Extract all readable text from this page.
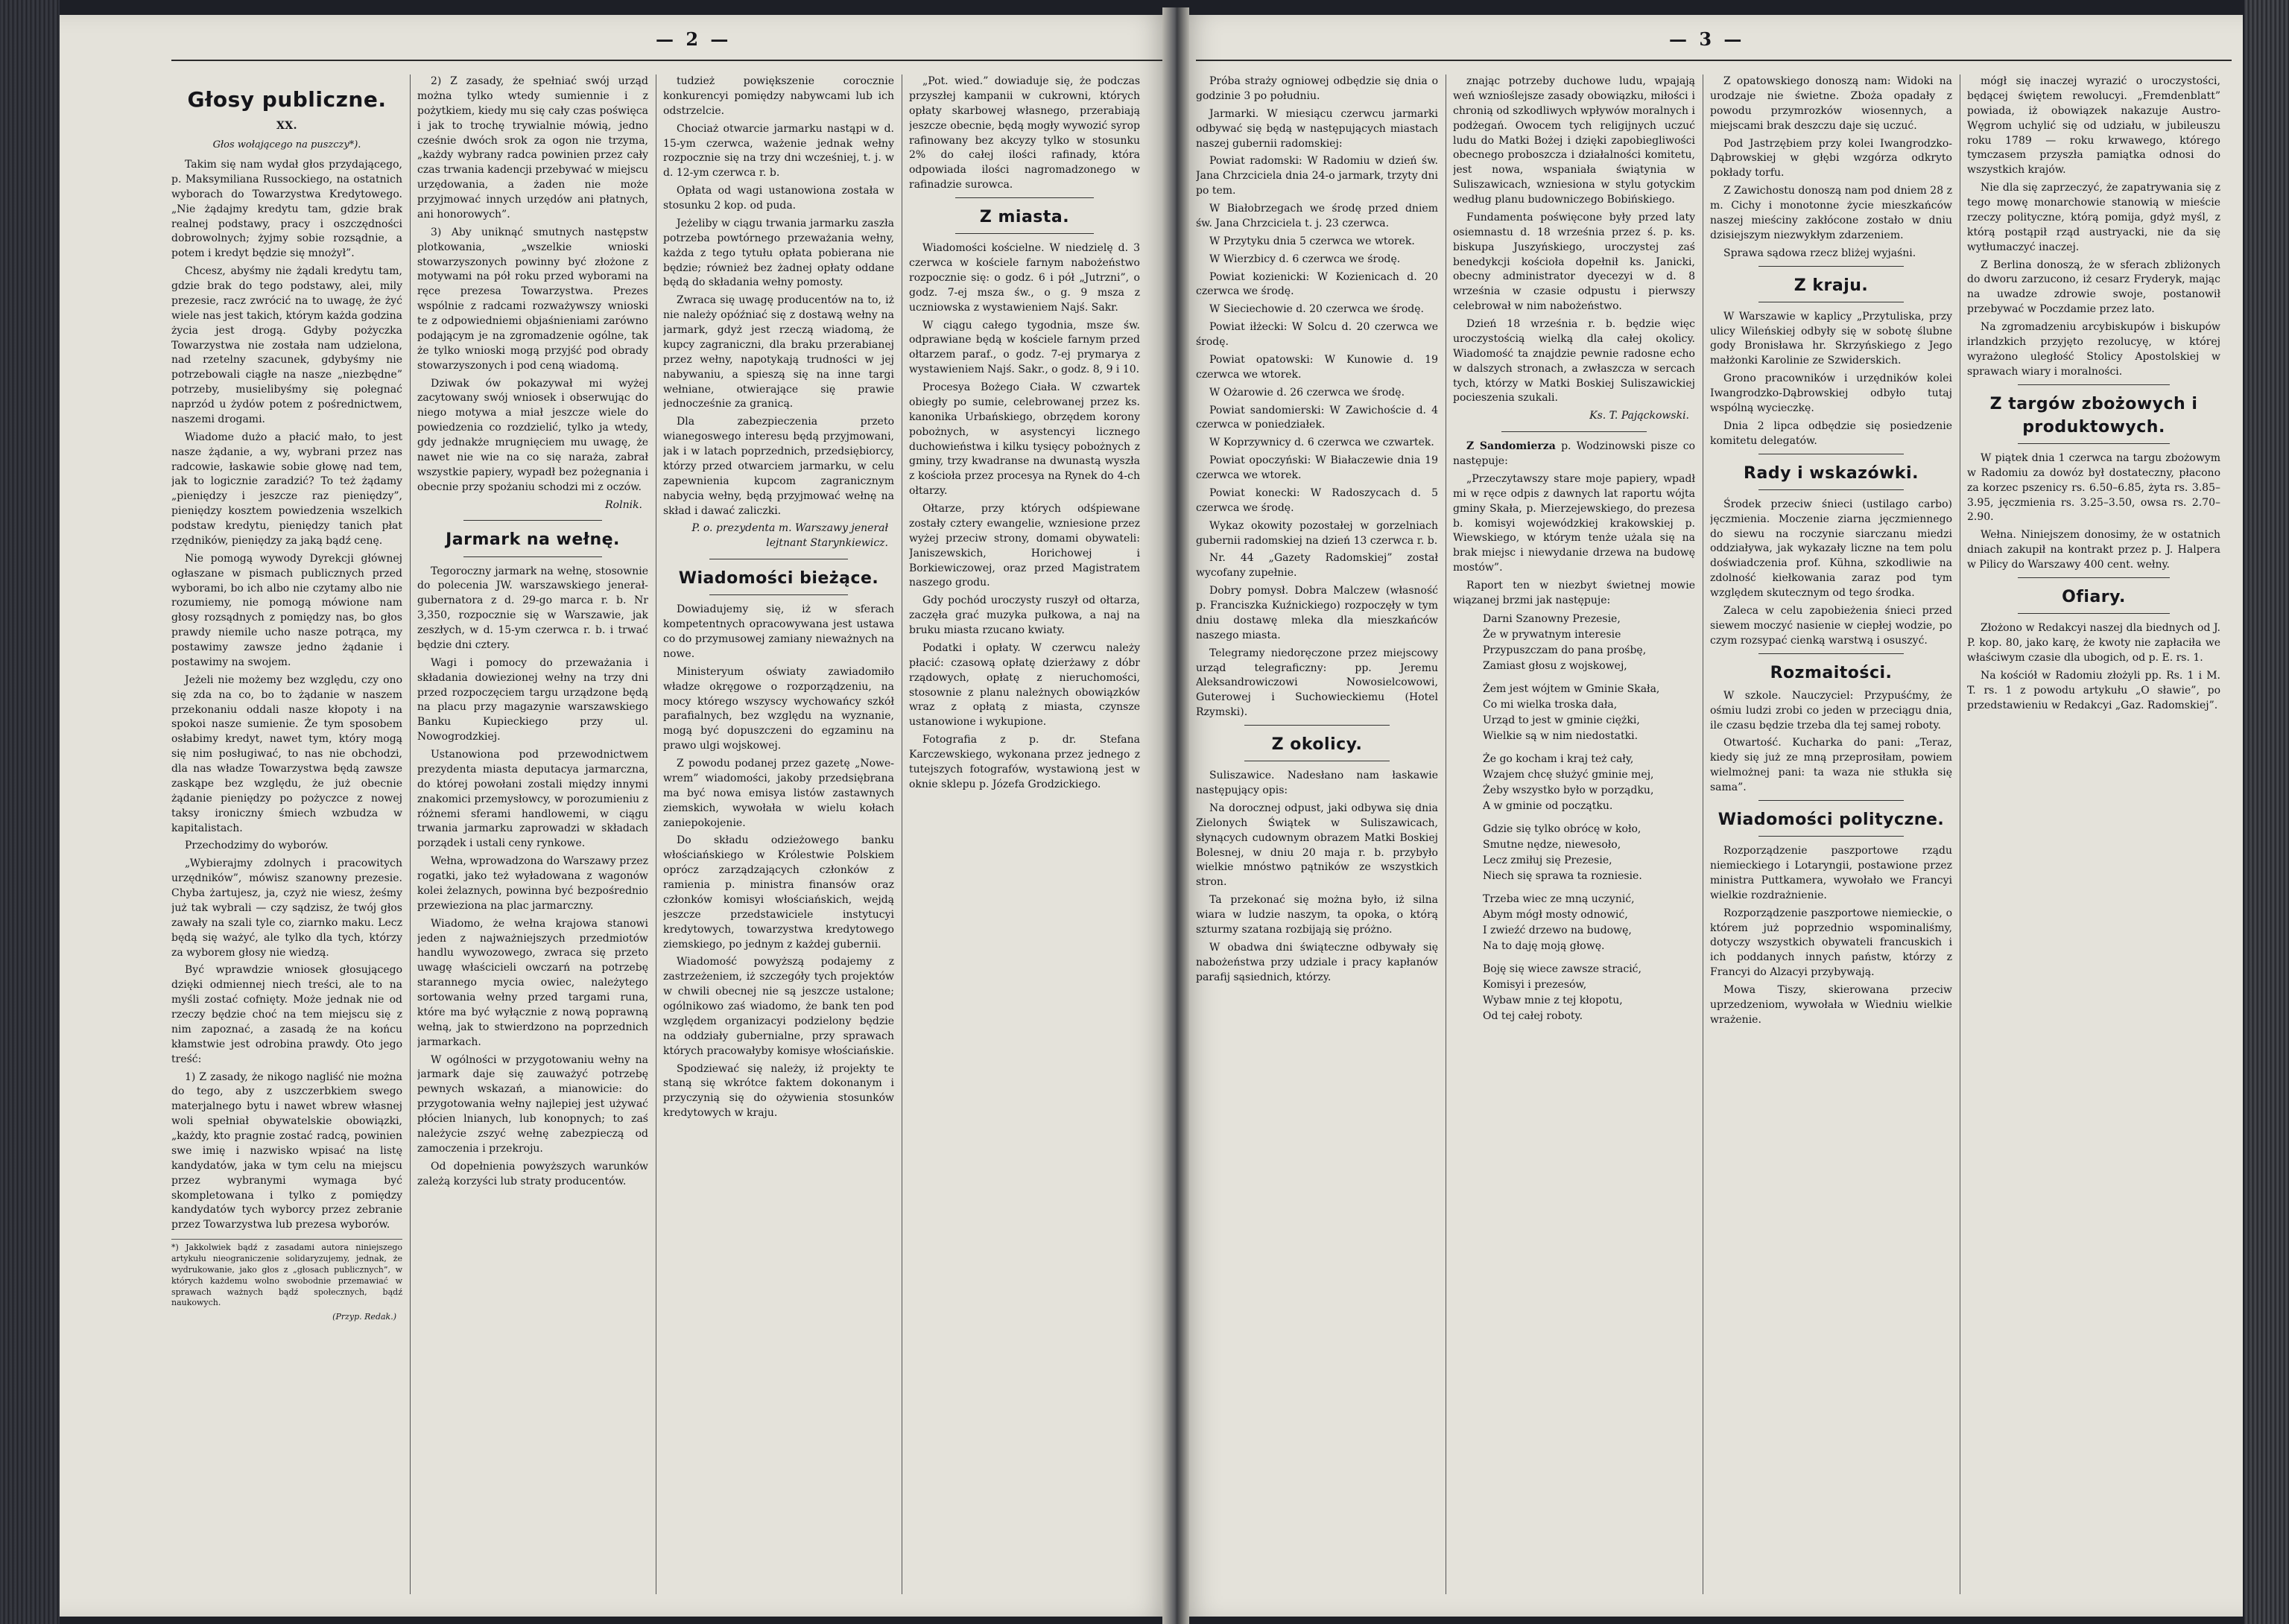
— 2 —
Głosy publiczne.
XX.
Głos wołającego na puszczy*).

Takim się nam wydał głos przydającego, p. Maksymiliana Russockiego, na ostatnich wyborach do Towarzystwa Kredytowego. „Nie żądajmy kredytu tam, gdzie brak realnej podstawy, pracy i oszczędności dobrowolnych; żyjmy sobie rozsądnie, a potem i kredyt będzie się mnożył”.

Chcesz, abyśmy nie żądali kredytu tam, gdzie brak do tego podstawy, alei, mily prezesie, racz zwrócić na to uwagę, że żyć wiele nas jest takich, którym każda godzina życia jest drogą. Gdyby pożyczka Towarzystwa nie została nam udzielona, nad rzetelny szacunek, gdybyśmy nie potrzebowali ciągłe na nasze „niezbędne” potrzeby, musielibyśmy się połegnać naprzód u żydów potem z pośrednictwem, naszemi drogami.

Wiadome dużo a płacić mało, to jest nasze żądanie, a wy, wybrani przez nas radcowie, łaskawie sobie głowę nad tem, jak to logicznie zaradzić? To też żądamy „pieniędzy i jeszcze raz pieniędzy”, pieniędzy kosztem powiedzenia wszelkich podstaw kredytu, pieniędzy tanich płat rzędników, pieniędzy za jaką bądź cenę.

Nie pomogą wywody Dyrekcji głównej ogłaszane w pismach publicznych przed wyborami, bo ich albo nie czytamy albo nie rozumiemy, nie pomogą mówione nam głosy rozsądnych z pomiędzy nas, bo głos prawdy niemile ucho nasze potrąca, my postawimy zawsze jedno żądanie i postawimy na swojem.

Jeżeli nie możemy bez względu, czy ono się zda na co, bo to żądanie w naszem przekonaniu oddali nasze kłopoty i na spokoi nasze sumienie. Że tym sposobem osłabimy kredyt, nawet tym, który mogą się nim posługiwać, to nas nie obchodzi, dla nas władze Towarzystwa będą zawsze zaskąpe bez względu, że już obecnie żądanie pieniędzy po pożyczce z nowej taksy ironiczny śmiech wzbudza w kapitalistach.

Przechodzimy do wyborów.

„Wybierajmy zdolnych i pracowitych urzędników”, mówisz szanowny prezesie. Chyba żartujesz, ja, czyż nie wiesz, żeśmy już tak wybrali — czy sądzisz, że twój głos zawały na szali tyle co, ziarnko maku. Lecz będą się ważyć, ale tylko dla tych, którzy za wyborem głosy nie wiedzą.

Być wprawdzie wniosek głosującego dzięki odmiennej niech treści, ale to na myśli zostać cofnięty. Może jednak nie od rzeczy będzie choć na tem miejscu się z nim zapoznać, a zasadą że na końcu kłamstwie jest odrobina prawdy. Oto jego treść:

1) Z zasady, że nikogo nagliść nie można do tego, aby z uszczerbkiem swego materjalnego bytu i nawet wbrew własnej woli spełniał obywatelskie obowiązki, „każdy, kto pragnie zostać radcą, powinien swe imię i nazwisko wpisać na listę kandydatów, jaka w tym celu na miejscu przez wybranymi wymaga być skompletowana i tylko z pomiędzy kandydatów tych wyborcy przez zebranie przez Towarzystwa lub prezesa wyborów.

*) Jakkolwiek bądź z zasadami autora niniejszego artykułu nieograniczenie solidaryzujemy, jednak, że wydrukowanie, jako głos z „głosach publicznych”, w których każdemu wolno swobodnie przemawiać w sprawach ważnych bądź społecznych, bądź naukowych.
(Przyp. Redak.)

2) Z zasady, że spełniać swój urząd można tylko wtedy sumiennie i z pożytkiem, kiedy mu się cały czas poświęca i jak to trochę trywialnie mówią, jedno cześnie dwóch srok za ogon nie trzyma, „każdy wybrany radca powinien przez cały czas trwania kadencji przebywać w miejscu urzędowania, a żaden nie może przyjmować innych urzędów ani płatnych, ani honorowych”.

3) Aby uniknąć smutnych następstw plotkowania, „wszelkie wnioski stowarzyszonych powinny być złożone z motywami na pół roku przed wyborami na ręce prezesa Towarzystwa. Prezes wspólnie z radcami rozważywszy wnioski te z odpowiedniemi objaśnieniami zarówno podającym je na zgromadzenie ogólne, tak że tylko wnioski mogą przyjść pod obrady stowarzyszonych i pod ceną wiadomą.

Dziwak ów pokazywał mi wyżej zacytowany swój wniosek i obserwując do niego motywa a miał jeszcze wiele do powiedzenia co rozdzielić, tylko ja wtedy, gdy jednakże mrugnięciem mu uwagę, że nawet nie wie na co się naraża, zabrał wszystkie papiery, wypadł bez pożegnania i obecnie przy spożaniu schodzi mi z oczów.

Rolnik.
Jarmark na wełnę.

Tegoroczny jarmark na wełnę, stosownie do polecenia JW. warszawskiego jenerał-gubernatora z d. 29-go marca r. b. Nr 3,350, rozpocznie się w Warszawie, jak zeszłych, w d. 15-ym czerwca r. b. i trwać będzie dni cztery.

Wagi i pomocy do przeważania i składania dowiezionej wełny na trzy dni przed rozpoczęciem targu urządzone będą na placu przy magazynie warszawskiego Banku Kupieckiego przy ul. Nowogrodzkiej.

Ustanowiona pod przewodnictwem prezydenta miasta deputacya jarmarczna, do której powołani zostali między innymi znakomici przemysłowcy, w porozumieniu z różnemi sferami handlowemi, w ciągu trwania jarmarku zaprowadzi w składach porządek i ustali ceny rynkowe.

Wełna, wprowadzona do Warszawy przez rogatki, jako też wyładowana z wagonów kolei żelaznych, powinna być bezpośrednio przewieziona na plac jarmarczny.

Wiadomo, że wełna krajowa stanowi jeden z najważniejszych przedmiotów handlu wywozowego, zwraca się przeto uwagę właścicieli owczarń na potrzebę starannego mycia owiec, należytego sortowania wełny przed targami runa, które ma być wyłącznie z nową poprawną wełną, jak to stwierdzono na poprzednich jarmarkach.

W ogólności w przygotowaniu wełny na jarmark daje się zauważyć potrzebę pewnych wskazań, a mianowicie: do przygotowania wełny najlepiej jest używać płócien lnianych, lub konopnych; to zaś należycie zszyć wełnę zabezpieczą od zamoczenia i przekroju.

Od dopełnienia powyższych warunków zależą korzyści lub straty producentów.

tudzież powiększenie corocznie konkurencyi pomiędzy nabywcami lub ich odstrzelcie.

Chociaż otwarcie jarmarku nastąpi w d. 15-ym czerwca, ważenie jednak wełny rozpocznie się na trzy dni wcześniej, t. j. w d. 12-ym czerwca r. b.

Opłata od wagi ustanowiona została w stosunku 2 kop. od puda.

Jeżeliby w ciągu trwania jarmarku zaszła potrzeba powtórnego przeważania wełny, każda z tego tytułu opłata pobierana nie będzie; również bez żadnej opłaty oddane będą do składania wełny pomosty.

Zwraca się uwagę producentów na to, iż nie należy opóźniać się z dostawą wełny na jarmark, gdyż jest rzeczą wiadomą, że kupcy zagraniczni, dla braku przerabianej przez wełny, napotykają trudności w jej nabywaniu, a spieszą się na inne targi wełniane, otwierające się prawie jednocześnie za granicą.

Dla zabezpieczenia przeto wianegoswego interesu będą przyjmowani, jak i w latach poprzednich, przedsiębiorcy, którzy przed otwarciem jarmarku, w celu zapewnienia kupcom zagranicznym nabycia wełny, będą przyjmować wełnę na skład i dawać zaliczki.

P. o. prezydenta m. Warszawy jenerał lejtnant Starynkiewicz.
Wiadomości bieżące.

Dowiadujemy się, iż w sferach kompetentnych opracowywana jest ustawa co do przymusowej zamiany nieważnych na nowe.

Ministeryum oświaty zawiadomiło władze okręgowe o rozporządzeniu, na mocy którego wszyscy wychowańcy szkół parafialnych, bez względu na wyznanie, mogą być dopuszczeni do egzaminu na prawo ulgi wojskowej.

Z powodu podanej przez gazetę „Nowe-wrem” wiadomości, jakoby przedsiębrana ma być nowa emisya listów zastawnych ziemskich, wywołała w wielu kołach zaniepokojenie.

Do składu odzieżowego banku włościańskiego w Królestwie Polskiem oprócz zarządzających członków z ramienia p. ministra finansów oraz członków komisyi włościańskich, wejdą jeszcze przedstawiciele instytucyi kredytowych, towarzystwa kredytowego ziemskiego, po jednym z każdej gubernii.

Wiadomość powyższą podajemy z zastrzeżeniem, iż szczegóły tych projektów w chwili obecnej nie są jeszcze ustalone; ogólnikowo zaś wiadomo, że bank ten pod względem organizacyi podzielony będzie na oddziały gubernialne, przy sprawach których pracowałyby komisye włościańskie.

Spodziewać się należy, iż projekty te staną się wkrótce faktem dokonanym i przyczynią się do ożywienia stosunków kredytowych w kraju.

„Pot. wied.” dowiaduje się, że podczas przyszłej kampanii w cukrowni, których opłaty skarbowej własnego, przerabiają jeszcze obecnie, będą mogły wywozić syrop rafinowany bez akcyzy tylko w stosunku 2% do całej ilości rafinady, która odpowiada ilości nagromadzonego w rafinadzie surowca.

Z miasta.

Wiadomości kościelne. W niedzielę d. 3 czerwca w kościele farnym nabożeństwo rozpocznie się: o godz. 6 i pół „Jutrzni”, o godz. 7-ej msza św., o g. 9 msza z uczniowska z wystawieniem Najś. Sakr.

W ciągu całego tygodnia, msze św. odprawiane będą w kościele farnym przed ołtarzem paraf., o godz. 7-ej prymarya z wystawieniem Najś. Sakr., o godz. 8, 9 i 10.

Procesya Bożego Ciała. W czwartek obiegły po sumie, celebrowanej przez ks. kanonika Urbańskiego, obrzędem korony pobożnych, w asystencyi licznego duchowieństwa i kilku tysięcy pobożnych z gminy, trzy kwadranse na dwunastą wyszła z kościoła przez procesya na Rynek do 4-ch ołtarzy.

Ołtarze, przy których odśpiewane zostały cztery ewangelie, wzniesione przez wyżej przeciw strony, domami obywateli: Janiszewskich, Horichowej i Borkiewiczowej, oraz przed Magistratem naszego grodu.

Gdy pochód uroczysty ruszył od ołtarza, zaczęła grać muzyka pułkowa, a naj na bruku miasta rzucano kwiaty.

Podatki i opłaty. W czerwcu należy płacić: czasową opłatę dzierżawy z dóbr rządowych, opłatę z nieruchomości, stosownie z planu należnych obowiązków wraz z opłatą z miasta, czynsze ustanowione i wykupione.

Fotografia z p. dr. Stefana Karczewskiego, wykonana przez jednego z tutejszych fotografów, wystawioną jest w oknie sklepu p. Józefa Grodzickiego.

— 3 —

Próba straży ogniowej odbędzie się dnia o godzinie 3 po południu.

Jarmarki. W miesiącu czerwcu jarmarki odbywać się będą w następujących miastach naszej gubernii radomskiej:

Powiat radomski: W Radomiu w dzień św. Jana Chrzciciela dnia 24-o jarmark, trzyty dni po tem.

W Białobrzegach we środę przed dniem św. Jana Chrzciciela t. j. 23 czerwca.

W Przytyku dnia 5 czerwca we wtorek.

W Wierzbicy d. 6 czerwca we środę.

Powiat kozienicki: W Kozienicach d. 20 czerwca we środę.

W Sieciechowie d. 20 czerwca we środę.

Powiat iłżecki: W Solcu d. 20 czerwca we środę.

Powiat opatowski: W Kunowie d. 19 czerwca we wtorek.

W Ożarowie d. 26 czerwca we środę.

Powiat sandomierski: W Zawichoście d. 4 czerwca w poniedziałek.

W Koprzywnicy d. 6 czerwca we czwartek.

Powiat opoczyński: W Białaczewie dnia 19 czerwca we wtorek.

Powiat konecki: W Radoszycach d. 5 czerwca we środę.

Wykaz okowity pozostałej w gorzelniach gubernii radomskiej na dzień 13 czerwca r. b.

Nr. 44 „Gazety Radomskiej” został wycofany zupełnie.

Dobry pomysł. Dobra Malczew (własność p. Franciszka Kuźnickiego) rozpoczęły w tym dniu dostawę mleka dla mieszkańców naszego miasta.

Telegramy niedoręczone przez miejscowy urząd telegraficzny: pp. Jeremu Aleksandrowiczowi Nowosielcowowi, Guterowej i Suchowieckiemu (Hotel Rzymski).

Z okolicy.

Suliszawice. Nadesłano nam łaskawie następujący opis:

Na dorocznej odpust, jaki odbywa się dnia Zielonych Świątek w Suliszawicach, słynących cudownym obrazem Matki Boskiej Bolesnej, w dniu 20 maja r. b. przybyło wielkie mnóstwo pątników ze wszystkich stron.

Ta przekonać się można było, iż silna wiara w ludzie naszym, ta opoka, o którą szturmy szatana rozbijają się próżno.

W obadwa dni świąteczne odbywały się nabożeństwa przy udziale i pracy kapłanów parafij sąsiednich, którzy.

znając potrzeby duchowe ludu, wpajają weń wznioślejsze zasady obowiązku, miłości i chronią od szkodliwych wpływów moralnych i podżegań. Owocem tych religijnych uczuć ludu do Matki Bożej i dzięki zapobiegliwości obecnego proboszcza i działalności komitetu, jest nowa, wspaniała świątynia w Suliszawicach, wzniesiona w stylu gotyckim według planu budowniczego Bobińskiego.

Fundamenta poświęcone były przed laty osiemnastu d. 18 września przez ś. p. ks. biskupa Juszyńskiego, uroczystej zaś benedykcji kościoła dopełnił ks. Janicki, obecny administrator dyecezyi w d. 8 września w czasie odpustu i pierwszy celebrował w nim nabożeństwo.

Dzień 18 września r. b. będzie więc uroczystością wielką dla całej okolicy. Wiadomość ta znajdzie pewnie radosne echo w dalszych stronach, a zwłaszcza w sercach tych, którzy w Matki Boskiej Suliszawickiej pocieszenia szukali.

Ks. T. Pająckowski.

Z Sandomierza p. Wodzinowski pisze co następuje:

„Przeczytawszy stare moje papiery, wpadł mi w ręce odpis z dawnych lat raportu wójta gminy Skała, p. Mierzejewskiego, do prezesa b. komisyi wojewódzkiej krakowskiej p. Wiewskiego, w którym tenże użala się na brak miejsc i niewydanie drzewa na budowę mostów”.

Raport ten w niezbyt świetnej mowie wiązanej brzmi jak następuje:

Darni Szanowny Prezesie,
Że w prywatnym interesie
Przypuszczam do pana prośbę,
Zamiast głosu z wojskowej,
Żem jest wójtem w Gminie Skała,
Co mi wielka troska dała,
Urząd to jest w gminie ciężki,
Wielkie są w nim niedostatki.
Że go kocham i kraj też cały,
Wzajem chcę służyć gminie mej,
Żeby wszystko było w porządku,
A w gminie od początku.
Gdzie się tylko obrócę w koło,
Smutne nędze, niewesoło,
Lecz zmiłuj się Prezesie,
Niech się sprawa ta rozniesie.
Trzeba wiec ze mną uczynić,
Abym mógł mosty odnowić,
I zwieźć drzewo na budowę,
Na to daję moją głowę.
Boję się wiece zawsze stracić,
Komisyi i prezesów,
Wybaw mnie z tej kłopotu,
Od tej całej roboty.

Z opatowskiego donoszą nam: Widoki na urodzaje nie świetne. Zboża opadały z powodu przymrozków wiosennych, a miejscami brak deszczu daje się uczuć.

Pod Jastrzębiem przy kolei Iwangrodzko-Dąbrowskiej w głębi wzgórza odkryto pokłady torfu.

Z Zawichostu donoszą nam pod dniem 28 z m. Cichy i monotonne życie mieszkańców naszej mieściny zakłócone zostało w dniu dzisiejszym niezwykłym zdarzeniem.

Sprawa sądowa rzecz bliżej wyjaśni.

Z kraju.

W Warszawie w kaplicy „Przytuliska, przy ulicy Wileńskiej odbyły się w sobotę ślubne gody Bronisława hr. Skrzyńskiego z Jego małżonki Karolinie ze Szwiderskich.

Grono pracowników i urzędników kolei Iwangrodzko-Dąbrowskiej odbyło tutaj wspólną wycieczkę.

Dnia 2 lipca odbędzie się posiedzenie komitetu delegatów.

Rady i wskazówki.

Środek przeciw śnieci (ustilago carbo) jęczmienia. Moczenie ziarna jęczmiennego do siewu na roczynie siarczanu miedzi oddziaływa, jak wykazały liczne na tem polu doświadczenia prof. Kühna, szkodliwie na zdolność kiełkowania zaraz pod tym względem skutecznym od tego środka.

Zaleca w celu zapobieżenia śnieci przed siewem moczyć nasienie w ciepłej wodzie, po czym rozsypać cienką warstwą i osuszyć.

Rozmaitości.

W szkole. Nauczyciel: Przypuśćmy, że ośmiu ludzi zrobi co jeden w przeciągu dnia, ile czasu będzie trzeba dla tej samej roboty.

Otwartość. Kucharka do pani: „Teraz, kiedy się już ze mną przeprosiłam, powiem wielmożnej pani: ta waza nie stłukła się sama”.

Wiadomości polityczne.

Rozporządzenie paszportowe rządu niemieckiego i Lotaryngii, postawione przez ministra Puttkamera, wywołało we Francyi wielkie rozdrażnienie.

Rozporządzenie paszportowe niemieckie, o którem już poprzednio wspominaliśmy, dotyczy wszystkich obywateli francuskich i ich poddanych innych państw, którzy z Francyi do Alzacyi przybywają.

Mowa Tiszy, skierowana przeciw uprzedzeniom, wywołała w Wiedniu wielkie wrażenie.

mógł się inaczej wyrazić o uroczystości, będącej świętem rewolucyi. „Fremdenblatt” powiada, iż obowiązek nakazuje Austro-Węgrom uchylić się od udziału, w jubileuszu roku 1789 — roku krwawego, którego tymczasem przyszła pamiątka odnosi do wszystkich krajów.

Nie dla się zaprzeczyć, że zapatrywania się z tego mowę monarchowie stanowią w mieście rzeczy polityczne, którą pomija, gdyż myśl, z którą postąpił rząd austryacki, nie da się wytłumaczyć inaczej.

Z Berlina donoszą, że w sferach zbliżonych do dworu zarzucono, iż cesarz Fryderyk, mając na uwadze zdrowie swoje, postanowił przebywać w Poczdamie przez lato.

Na zgromadzeniu arcybiskupów i biskupów irlandzkich przyjęto rezolucyę, w której wyrażono uległość Stolicy Apostolskiej w sprawach wiary i moralności.

Z targów zbożowych i produktowych.

W piątek dnia 1 czerwca na targu zbożowym w Radomiu za dowóz był dostateczny, płacono za korzec pszenicy rs. 6.50–6.85, żyta rs. 3.85–3.95, jęczmienia rs. 3.25–3.50, owsa rs. 2.70–2.90.

Wełna. Niniejszem donosimy, że w ostatnich dniach zakupił na kontrakt przez p. J. Halpera w Pilicy do Warszawy 400 cent. wełny.

Ofiary.

Złożono w Redakcyi naszej dla biednych od J. P. kop. 80, jako karę, że kwoty nie zapłaciła we właściwym czasie dla ubogich, od p. E. rs. 1.

Na kościół w Radomiu złożyli pp. Rs. 1 i M. T. rs. 1 z powodu artykułu „O sławie”, po przedstawieniu w Redakcyi „Gaz. Radomskiej”.
